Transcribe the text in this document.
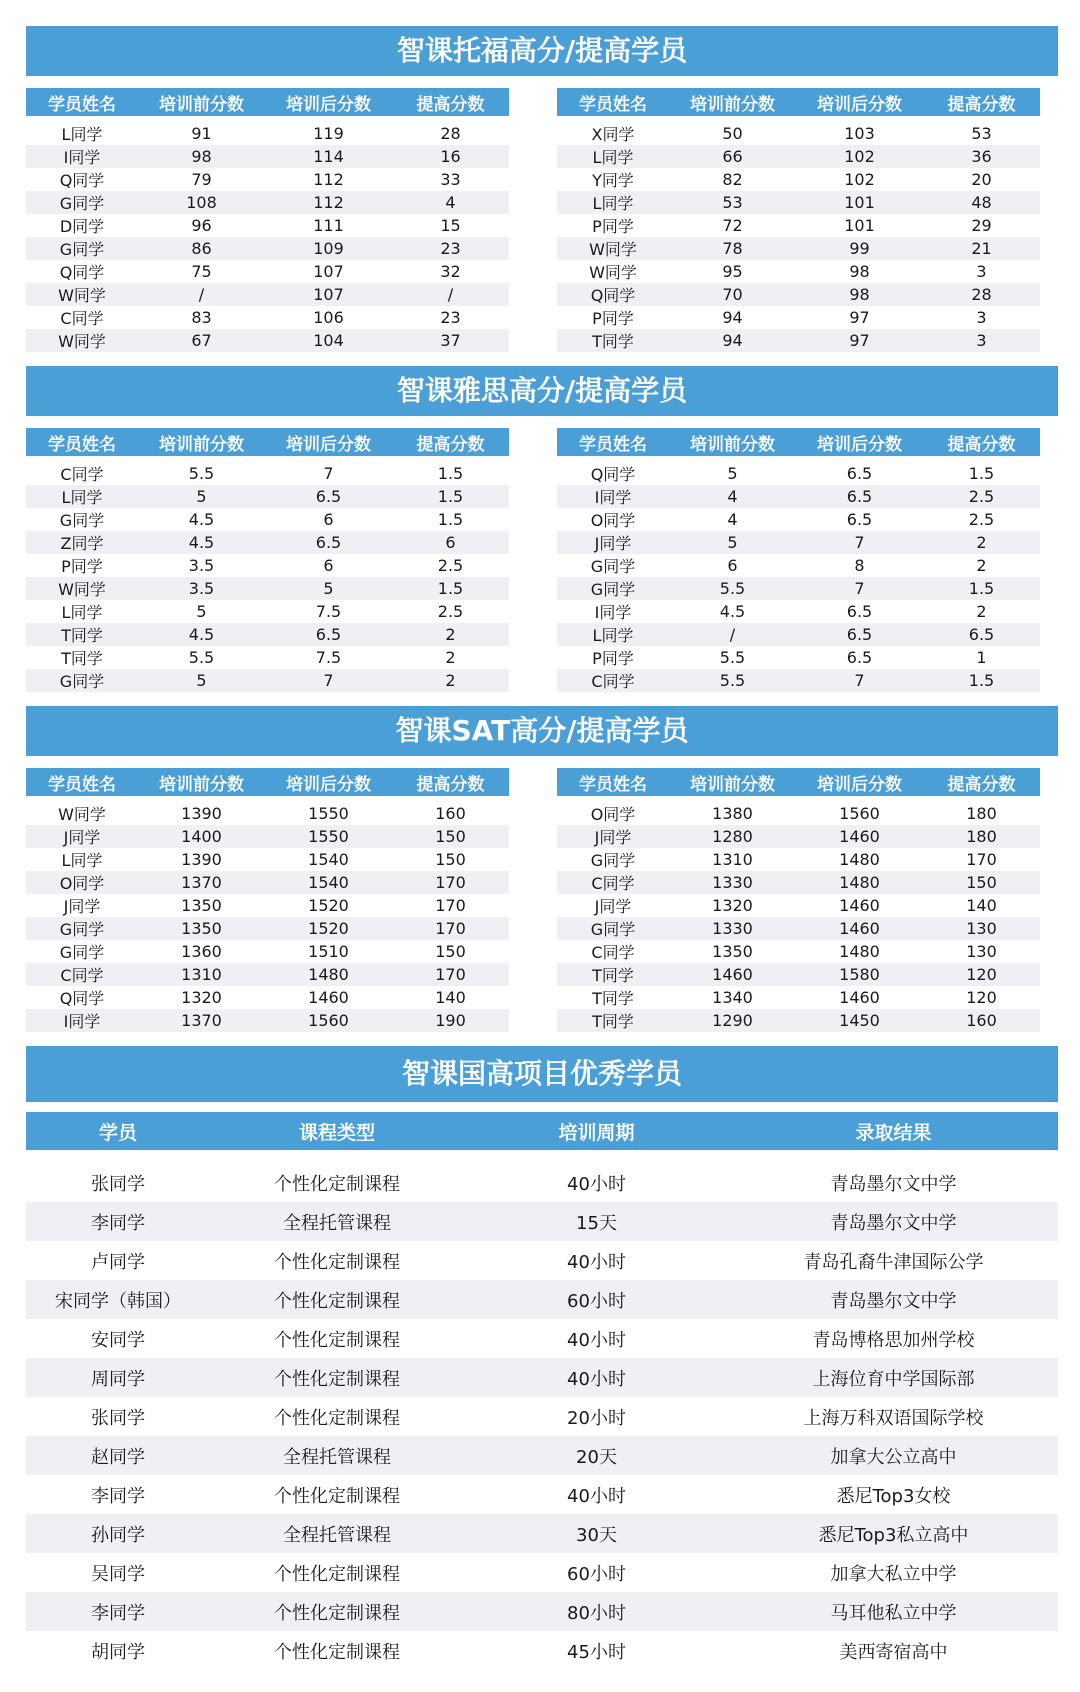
智课托福高分/提高学员
学员姓名	培训前分数	培训后分数	提高分数
L同学	91	119	28
I同学	98	114	16
Q同学	79	112	33
G同学	108	112	4
D同学	96	111	15
G同学	86	109	23
Q同学	75	107	32
W同学	/	107	/
C同学	83	106	23
W同学	67	104	37
学员姓名	培训前分数	培训后分数	提高分数
X同学	50	103	53
L同学	66	102	36
Y同学	82	102	20
L同学	53	101	48
P同学	72	101	29
W同学	78	99	21
W同学	95	98	3
Q同学	70	98	28
P同学	94	97	3
T同学	94	97	3
智课雅思高分/提高学员
学员姓名	培训前分数	培训后分数	提高分数
C同学	5.5	7	1.5
L同学	5	6.5	1.5
G同学	4.5	6	1.5
Z同学	4.5	6.5	6
P同学	3.5	6	2.5
W同学	3.5	5	1.5
L同学	5	7.5	2.5
T同学	4.5	6.5	2
T同学	5.5	7.5	2
G同学	5	7	2
学员姓名	培训前分数	培训后分数	提高分数
Q同学	5	6.5	1.5
I同学	4	6.5	2.5
O同学	4	6.5	2.5
J同学	5	7	2
G同学	6	8	2
G同学	5.5	7	1.5
I同学	4.5	6.5	2
L同学	/	6.5	6.5
P同学	5.5	6.5	1
C同学	5.5	7	1.5
智课SAT高分/提高学员
学员姓名	培训前分数	培训后分数	提高分数
W同学	1390	1550	160
J同学	1400	1550	150
L同学	1390	1540	150
O同学	1370	1540	170
J同学	1350	1520	170
G同学	1350	1520	170
G同学	1360	1510	150
C同学	1310	1480	170
Q同学	1320	1460	140
I同学	1370	1560	190
学员姓名	培训前分数	培训后分数	提高分数
O同学	1380	1560	180
J同学	1280	1460	180
G同学	1310	1480	170
C同学	1330	1480	150
J同学	1320	1460	140
G同学	1330	1460	130
C同学	1350	1480	130
T同学	1460	1580	120
T同学	1340	1460	120
T同学	1290	1450	160
智课国高项目优秀学员
学员	课程类型	培训周期	录取结果
张同学	个性化定制课程	40小时	青岛墨尔文中学
李同学	全程托管课程	15天	青岛墨尔文中学
卢同学	个性化定制课程	40小时	青岛孔裔牛津国际公学
宋同学（韩国）	个性化定制课程	60小时	青岛墨尔文中学
安同学	个性化定制课程	40小时	青岛博格思加州学校
周同学	个性化定制课程	40小时	上海位育中学国际部
张同学	个性化定制课程	20小时	上海万科双语国际学校
赵同学	全程托管课程	20天	加拿大公立高中
李同学	个性化定制课程	40小时	悉尼Top3女校
孙同学	全程托管课程	30天	悉尼Top3私立高中
吴同学	个性化定制课程	60小时	加拿大私立中学
李同学	个性化定制课程	80小时	马耳他私立中学
胡同学	个性化定制课程	45小时	美西寄宿高中
